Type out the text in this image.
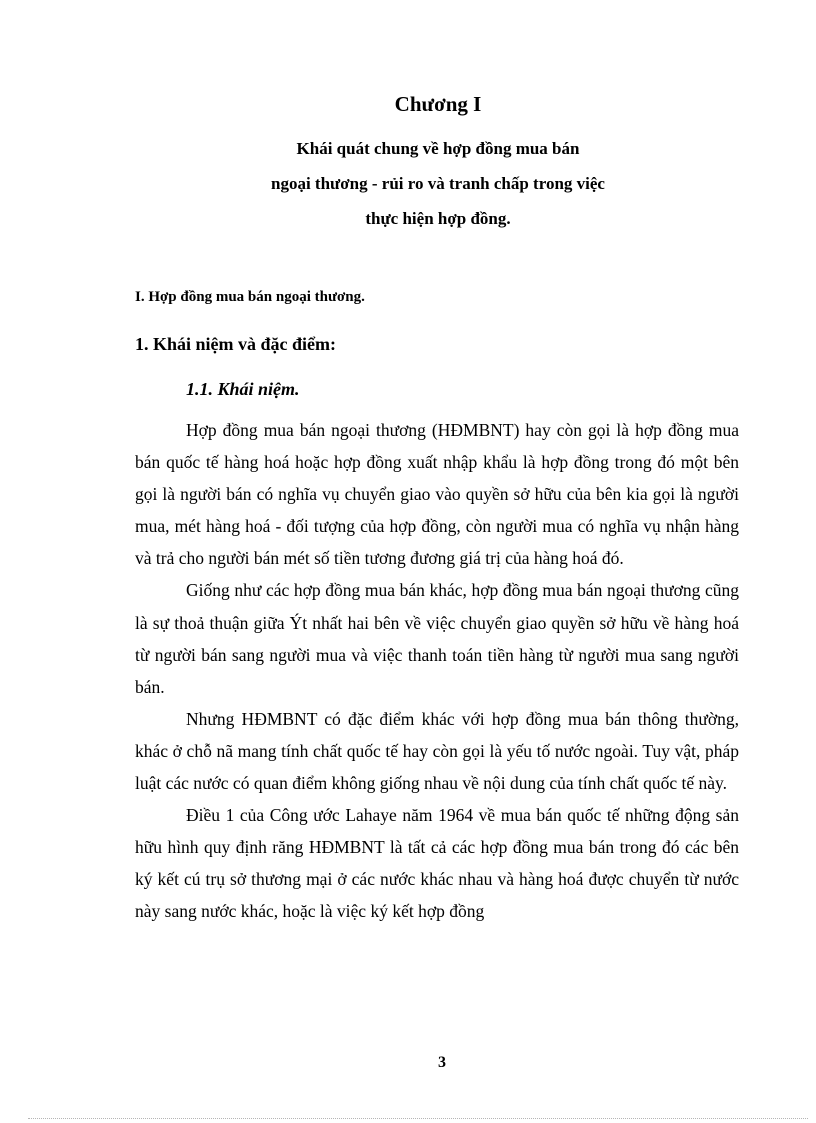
Chương I
Khái quát chung về hợp đồng mua bán
ngoại thương - rủi ro và tranh chấp trong việc
thực hiện hợp đồng.
I. Hợp đồng mua bán ngoại thương.
1. Khái niệm và đặc điểm:
1.1. Khái niệm.

Hợp đồng mua bán ngoại thương (HĐMBNT) hay còn gọi là hợp đồng mua bán quốc tế hàng hoá hoặc hợp đồng xuất nhập khẩu là hợp đồng trong đó một bên gọi là người bán có nghĩa vụ chuyển giao vào quyền sở hữu của bên kia gọi là người mua, mét hàng hoá - đối tượng của hợp đồng, còn người mua có nghĩa vụ nhận hàng và trả cho người bán mét số tiền tương đương giá trị của hàng hoá đó.

Giống như các hợp đồng mua bán khác, hợp đồng mua bán ngoại thương cũng là sự thoả thuận giữa Ýt nhất hai bên về việc chuyển giao quyền sở hữu về hàng hoá từ người bán sang người mua và việc thanh toán tiền hàng từ người mua sang người bán.

Nhưng HĐMBNT có đặc điểm khác với hợp đồng mua bán thông thường, khác ở chỗ nã mang tính chất quốc tế hay còn gọi là yếu tố nước ngoài. Tuy vật, pháp luật các nước có quan điểm không giống nhau về nội dung của tính chất quốc tế này.

Điều 1 của Công ước Lahaye năm 1964 về mua bán quốc tế những động sản hữu hình quy định răng HĐMBNT là tất cả các hợp đồng mua bán trong đó các bên ký kết cú trụ sở thương mại ở các nước khác nhau và hàng hoá được chuyển từ nước này sang nước khác, hoặc là việc ký kết hợp đồng

3
